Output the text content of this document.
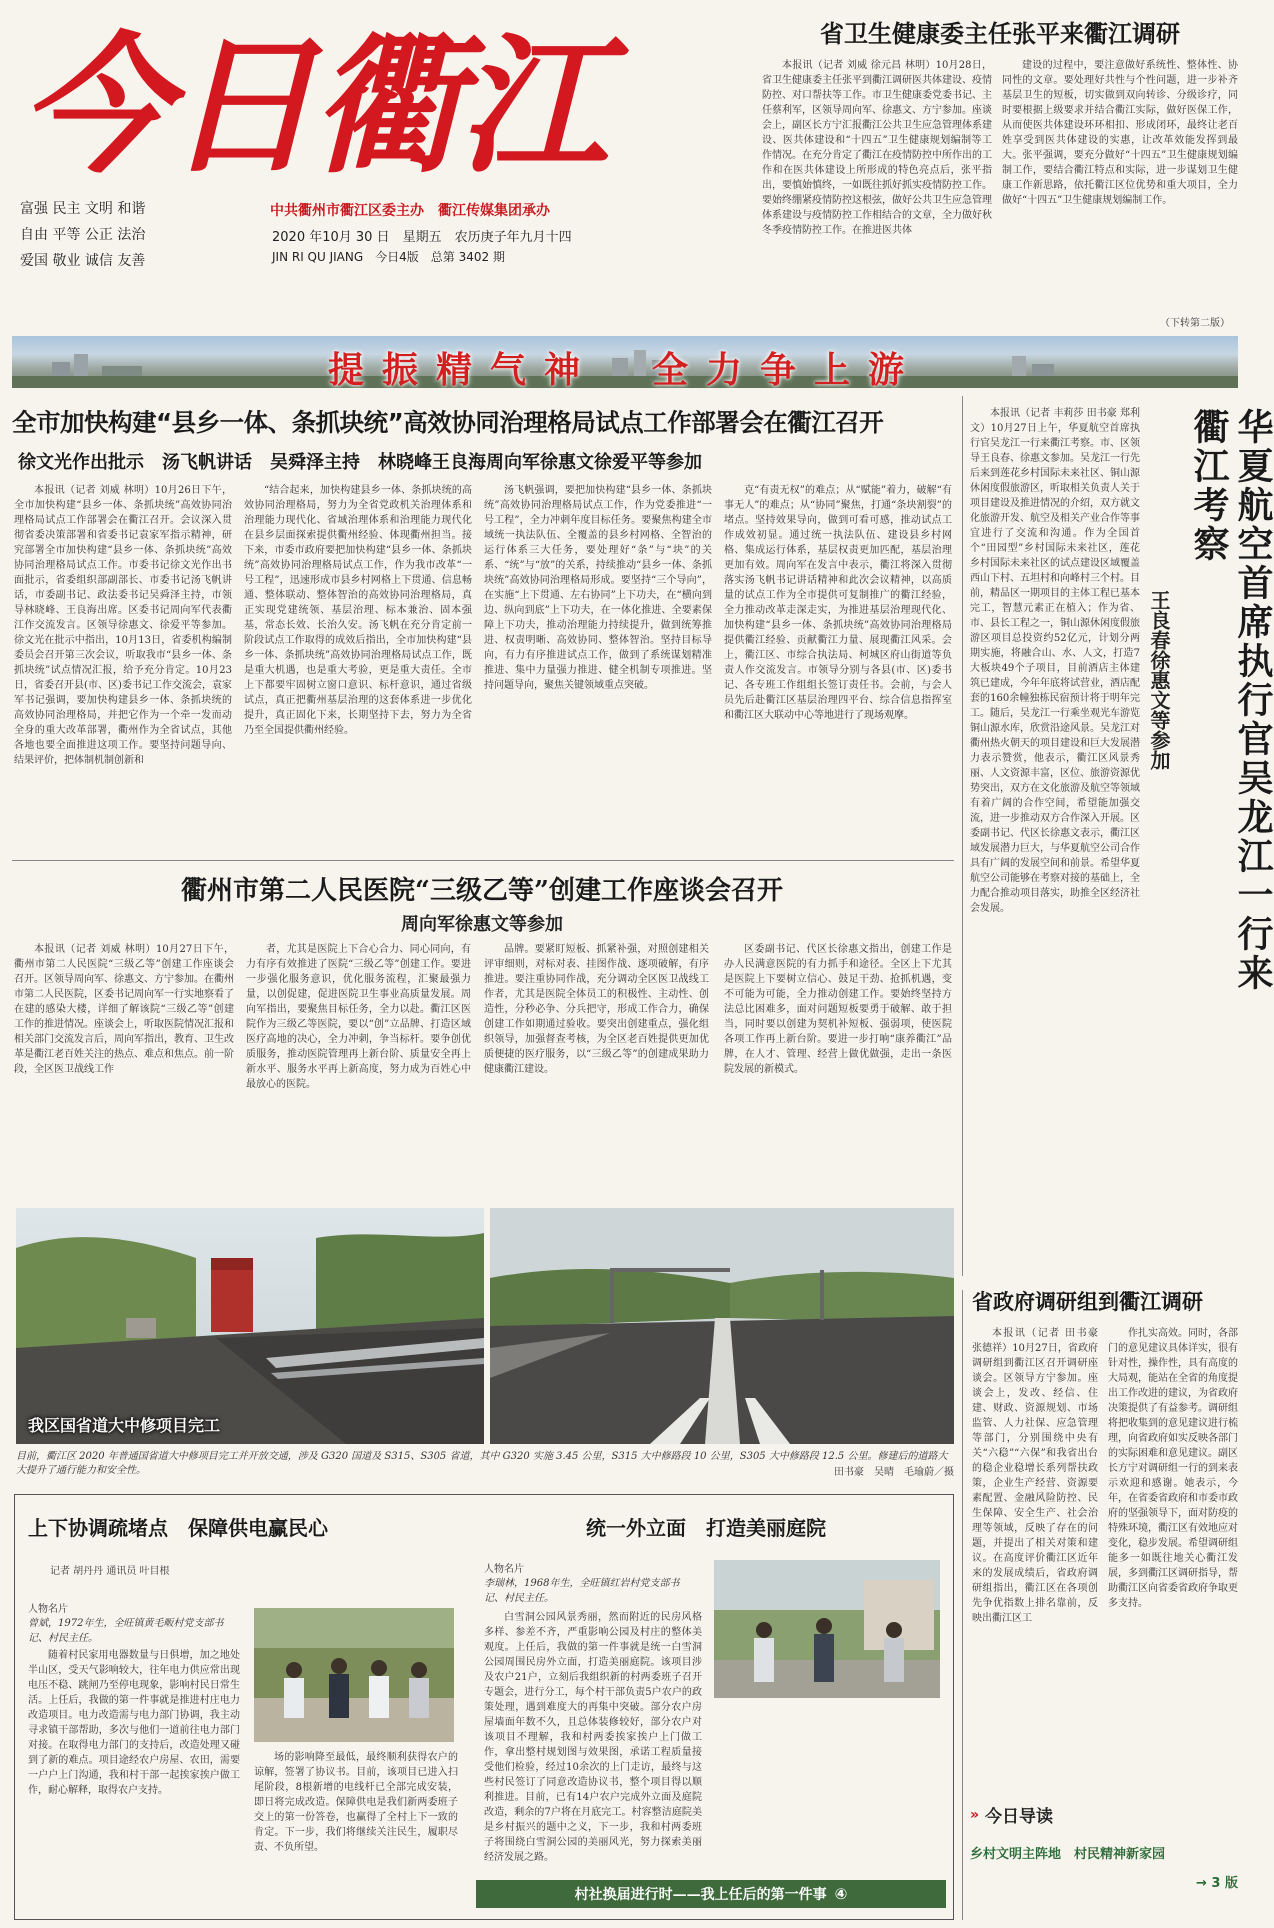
今日衢江
富强 民主 文明 和谐
自由 平等 公正 法治
爱国 敬业 诚信 友善
中共衢州市衢江区委主办　衢江传媒集团承办
2020 年10月 30 日　星期五　农历庚子年九月十四
JIN RI QU JIANG　今日4版　总第 3402 期
省卫生健康委主任张平来衢江调研

本报讯（记者 刘威 徐元昌 林明）10月28日，省卫生健康委主任张平到衢江调研医共体建设、疫情防控、对口帮扶等工作。市卫生健康委党委书记、主任蔡利军，区领导周向军、徐惠文、方宁参加。座谈会上，副区长方宁汇报衢江公共卫生应急管理体系建设、医共体建设和“十四五”卫生健康规划编制等工作情况。在充分肯定了衢江在疫情防控中所作出的工作和在医共体建设上所形成的特色亮点后，张平指出，要慎始慎终，一如既往抓好抓实疫情防控工作。要始终绷紧疫情防控这根弦，做好公共卫生应急管理体系建设与疫情防控工作相结合的文章，全力做好秋冬季疫情防控工作。在推进医共体

建设的过程中，要注意做好系统性、整体性、协同性的文章。要处理好共性与个性问题，进一步补齐基层卫生的短板，切实做到双向转诊、分级诊疗，同时要根据上级要求并结合衢江实际，做好医保工作，从而使医共体建设环环相扣、形成闭环，最终让老百姓享受到医共体建设的实惠，让改革效能发挥到最大。张平强调，要充分做好“十四五”卫生健康规划编制工作，要结合衢江特点和实际，进一步谋划卫生健康工作新思路，依托衢江区位优势和重大项目，全力做好“十四五”卫生健康规划编制工作。

（下转第二版）
提振精气神　全力争上游
全市加快构建“县乡一体、条抓块统”高效协同治理格局试点工作部署会在衢江召开
徐文光作出批示　汤飞帆讲话　吴舜泽主持　林晓峰王良海周向军徐惠文徐爱平等参加

本报讯（记者 刘威 林明）10月26日下午，全市加快构建“县乡一体、条抓块统”高效协同治理格局试点工作部署会在衢江召开。会议深入贯彻省委决策部署和省委书记袁家军指示精神，研究部署全市加快构建“县乡一体、条抓块统”高效协同治理格局试点工作。市委书记徐文光作出书面批示，省委组织部副部长、市委书记汤飞帆讲话，市委副书记、政法委书记吴舜泽主持，市领导林晓峰、王良海出席。区委书记周向军代表衢江作交流发言。区领导徐惠文、徐爱平等参加。徐文光在批示中指出，10月13日，省委机构编制委员会召开第三次会议，听取我市“县乡一体、条抓块统”试点情况汇报，给予充分肯定。10月23日，省委召开县(市、区)委书记工作交流会，袁家军书记强调，要加快构建县乡一体、条抓块统的高效协同治理格局，并把它作为一个牵一发而动全身的重大改革部署，衢州作为全省试点，其他各地也要全面推进这项工作。要坚持问题导向、结果评价，把体制机制创新和

“结合起来，加快构建县乡一体、条抓块统的高效协同治理格局，努力为全省党政机关治理体系和治理能力现代化、省域治理体系和治理能力现代化在县乡层面探索提供衢州经验、体现衢州担当。接下来，市委市政府要把加快构建“县乡一体、条抓块统”高效协同治理格局试点工作，作为我市改革“一号工程”，迅速形成市县乡村网格上下贯通、信息畅通、整体联动、整体智治的高效协同治理格局，真正实现党建统领、基层治理、标本兼治、固本强基，常态长效、长治久安。汤飞帆在充分肯定前一阶段试点工作取得的成效后指出，全市加快构建“县乡一体、条抓块统”高效协同治理格局试点工作，既是重大机遇，也是重大考验，更是重大责任。全市上下都要牢固树立窗口意识、标杆意识，通过省级试点，真正把衢州基层治理的这套体系进一步优化提升，真正固化下来，长期坚持下去，努力为全省乃至全国提供衢州经验。

汤飞帆强调，要把加快构建“县乡一体、条抓块统”高效协同治理格局试点工作，作为党委推进“一号工程”，全力冲刺年度目标任务。要聚焦构建全市域统一执法队伍、全覆盖的县乡村网格、全智治的运行体系三大任务，要处理好“条”与“块”的关系、“统”与“放”的关系，持续推动“县乡一体、条抓块统”高效协同治理格局形成。要坚持“三个导向”，在实施“上下贯通、左右协同”上下功夫，在“横向到边、纵向到底”上下功夫，在一体化推进、全要素保障上下功夫，推动治理能力持续提升，做到统筹推进、权责明晰、高效协同、整体智治。坚持目标导向，有力有序推进试点工作，做到了系统谋划精准推进、集中力量强力推进、健全机制专项推进。坚持问题导向，聚焦关键领域重点突破。

克“有责无权”的难点；从“赋能”着力，破解“有事无人”的难点；从“协同”聚焦，打通“条块割裂”的堵点。坚持效果导向，做到可看可感，推动试点工作成效初显。通过统一执法队伍、建设县乡村网格、集成运行体系，基层权责更加匹配，基层治理更加有效。周向军在发言中表示，衢江将深入贯彻落实汤飞帆书记讲话精神和此次会议精神，以高质量的试点工作为全市提供可复制推广的衢江经验，全力推动改革走深走实，为推进基层治理现代化、加快构建“县乡一体、条抓块统”高效协同治理格局提供衢江经验、贡献衢江力量、展现衢江风采。会上，衢江区、市综合执法局、柯城区府山街道等负责人作交流发言。市领导分别与各县(市、区)委书记、各专班工作组组长签订责任书。会前，与会人员先后赴衢江区基层治理四平台、综合信息指挥室和衢江区大联动中心等地进行了现场观摩。

本报讯（记者 丰莉莎 田书豪 郑利文）10月27日上午，华夏航空首席执行官吴龙江一行来衢江考察。市、区领导王良春、徐惠文参加。吴龙江一行先后来到莲花乡村国际未来社区、铜山源休闲度假旅游区，听取相关负责人关于项目建设及推进情况的介绍，双方就文化旅游开发、航空及相关产业合作等事宜进行了交流和沟通。作为全国首个“田园型”乡村国际未来社区，莲花乡村国际未来社区的试点建设区域覆盖西山下村、五坦村和向峰村三个村。目前，精品区一期项目的主体工程已基本完工，智慧元素正在植入；作为省、市、县长工程之一，铜山源休闲度假旅游区项目总投资约52亿元，计划分两期实施，将融合山、水、人文，打造7大板块49个子项目，目前酒店主体建筑已建成，今年年底将试营业，酒店配套的160余幢独栋民宿预计将于明年完工。随后，吴龙江一行乘坐观光车游览铜山源水库，欣赏沿途风景。吴龙江对衢州热火朝天的项目建设和巨大发展潜力表示赞赏，他表示，衢江区风景秀丽、人文资源丰富，区位、旅游资源优势突出，双方在文化旅游及航空等领域有着广阔的合作空间，希望能加强交流，进一步推动双方合作深入开展。区委副书记、代区长徐惠文表示，衢江区域发展潜力巨大，与华夏航空公司合作具有广阔的发展空间和前景。希望华夏航空公司能够在考察对接的基础上，全力配合推动项目落实，助推全区经济社会发展。	华夏航空首席执行官吴龙江一行来衢江考察
王良春徐惠文等参加
衢州市第二人民医院“三级乙等”创建工作座谈会召开
周向军徐惠文等参加

本报讯（记者 刘威 林明）10月27日下午，衢州市第二人民医院“三级乙等”创建工作座谈会召开。区领导周向军、徐惠文、方宁参加。在衢州市第二人民医院，区委书记周向军一行实地察看了在建的感染大楼，详细了解该院“三级乙等”创建工作的推进情况。座谈会上，听取医院情况汇报和相关部门交流发言后，周向军指出，教育、卫生改革是衢江老百姓关注的热点、难点和焦点。前一阶段，全区医卫战线工作

者，尤其是医院上下合心合力、同心同向，有力有序有效推进了医院“三级乙等”创建工作。要进一步强化服务意识，优化服务流程，汇聚最强力量，以创促建，促进医院卫生事业高质量发展。周向军指出，要聚焦目标任务，全力以赴。衢江区医院作为三级乙等医院，要以“创”立品牌、打造区域医疗高地的决心，全力冲刺，争当标杆。要争创优质服务，推动医院管理再上新台阶、质量安全再上新水平、服务水平再上新高度，努力成为百姓心中最放心的医院。

品牌。要紧盯短板、抓紧补强，对照创建相关评审细则，对标对表、挂图作战、逐项破解，有序推进。要注重协同作战，充分调动全区医卫战线工作者，尤其是医院全体员工的积极性、主动性、创造性，分秒必争、分兵把守，形成工作合力，确保创建工作如期通过验收。要突出创建重点，强化组织领导，加强督查考核，为全区老百姓提供更加优质便捷的医疗服务，以“三级乙等”的创建成果助力健康衢江建设。

区委副书记、代区长徐惠文指出，创建工作是办人民满意医院的有力抓手和途径。全区上下尤其是医院上下要树立信心、鼓足干劲、抢抓机遇，变不可能为可能，全力推动创建工作。要始终坚持方法总比困难多，面对问题短板要勇于破解、敢于担当，同时要以创建为契机补短板、强弱项，使医院各项工作再上新台阶。要进一步打响“康养衢江”品牌，在人才、管理、经营上做优做强，走出一条医院发展的新模式。

我区国省道大中修项目完工
目前，衢江区 2020 年普通国省道大中修项目完工并开放交通，涉及 G320 国道及 S315、S305 省道，其中 G320 实施 3.45 公里，S315 大中修路段 10 公里，S305 大中修路段 12.5 公里。修建后的道路大大提升了通行能力和安全性。	田书豪　吴晴　毛瑜蔚／摄
省政府调研组到衢江调研

本报讯（记者 田书豪 张德祥）10月27日，省政府调研组到衢江区召开调研座谈会。区领导方宁参加。座谈会上，发改、经信、住建、财政、资源规划、市场监管、人力社保、应急管理等部门，分别围绕中央有关“六稳”“六保”和我省出台的稳企业稳增长系列帮扶政策，企业生产经营、资源要素配置、金融风险防控、民生保障、安全生产、社会治理等领域，反映了存在的问题，并提出了相关对策和建议。在高度评价衢江区近年来的发展成绩后，省政府调研组指出，衢江区在各项创先争优指数上排名靠前，反映出衢江区工

作扎实高效。同时，各部门的意见建议具体详实，很有针对性，操作性，具有高度的大局观，能站在全省的角度提出工作改进的建议，为省政府决策提供了有益参考。调研组将把收集到的意见建议进行梳理，向省政府如实反映各部门的实际困难和意见建议。副区长方宁对调研组一行的到来表示欢迎和感谢。她表示，今年，在省委省政府和市委市政府的坚强领导下，面对防疫的特殊环境，衢江区有效地应对变化，稳步发展。希望调研组能多一如既往地关心衢江发展，多到衢江区调研指导，帮助衢江区向省委省政府争取更多支持。

» 今日导读
乡村文明主阵地　村民精神新家园
→ 3 版
上下协调疏堵点　保障供电赢民心
记者 胡丹丹 通讯员 叶目根
人物名片
曾斌，1972年生，全旺镇黄毛畈村党支部书记、村民主任。

随着村民家用电器数量与日俱增，加之地处半山区，受天气影响较大，往年电力供应常出现电压不稳、跳闸乃至停电现象，影响村民日常生活。上任后，我做的第一件事就是推进村庄电力改造项目。电力改造需与电力部门协调，我主动寻求镇干部帮助，多次与他们一道前往电力部门对接。在取得电力部门的支持后，改造处理又碰到了新的难点。项目途经农户房屋、农田，需要一户户上门沟通，我和村干部一起挨家挨户做工作，耐心解释，取得农户支持。

场的影响降至最低，最终顺利获得农户的谅解，签署了协议书。目前，该项目已进入扫尾阶段，8根新增的电线杆已全部完成安装，即日将完成改造。保障供电是我们新两委班子交上的第一份答卷，也赢得了全村上下一致的肯定。下一步，我们将继续关注民生，履职尽责、不负所望。

统一外立面　打造美丽庭院
人物名片
李瑞林，1968年生，全旺镇红岩村党支部书记、村民主任。

白雪洞公园风景秀丽，然而附近的民房风格多样、参差不齐，严重影响公园及村庄的整体美观度。上任后，我做的第一件事就是统一白雪洞公园周围民房外立面，打造美丽庭院。该项目涉及农户21户，立刻后我组织新的村两委班子召开专题会，进行分工，每个村干部负责5户农户的政策处理，遇到难度大的再集中突破。部分农户房屋墙面年数不久，且总体装修较好，部分农户对该项目不理解，我和村两委挨家挨户上门做工作，拿出整村规划图与效果图，承诺工程质量接受他们检验，经过10余次的上门走访，最终与这些村民签订了同意改造协议书，整个项目得以顺利推进。目前，已有14户农户完成外立面及庭院改造，剩余的7户将在月底完工。村容整洁庭院美是乡村振兴的题中之义，下一步，我和村两委班子将围绕白雪洞公园的美丽风光，努力探索美丽经济发展之路。

村社换届进行时——我上任后的第一件事 ④
